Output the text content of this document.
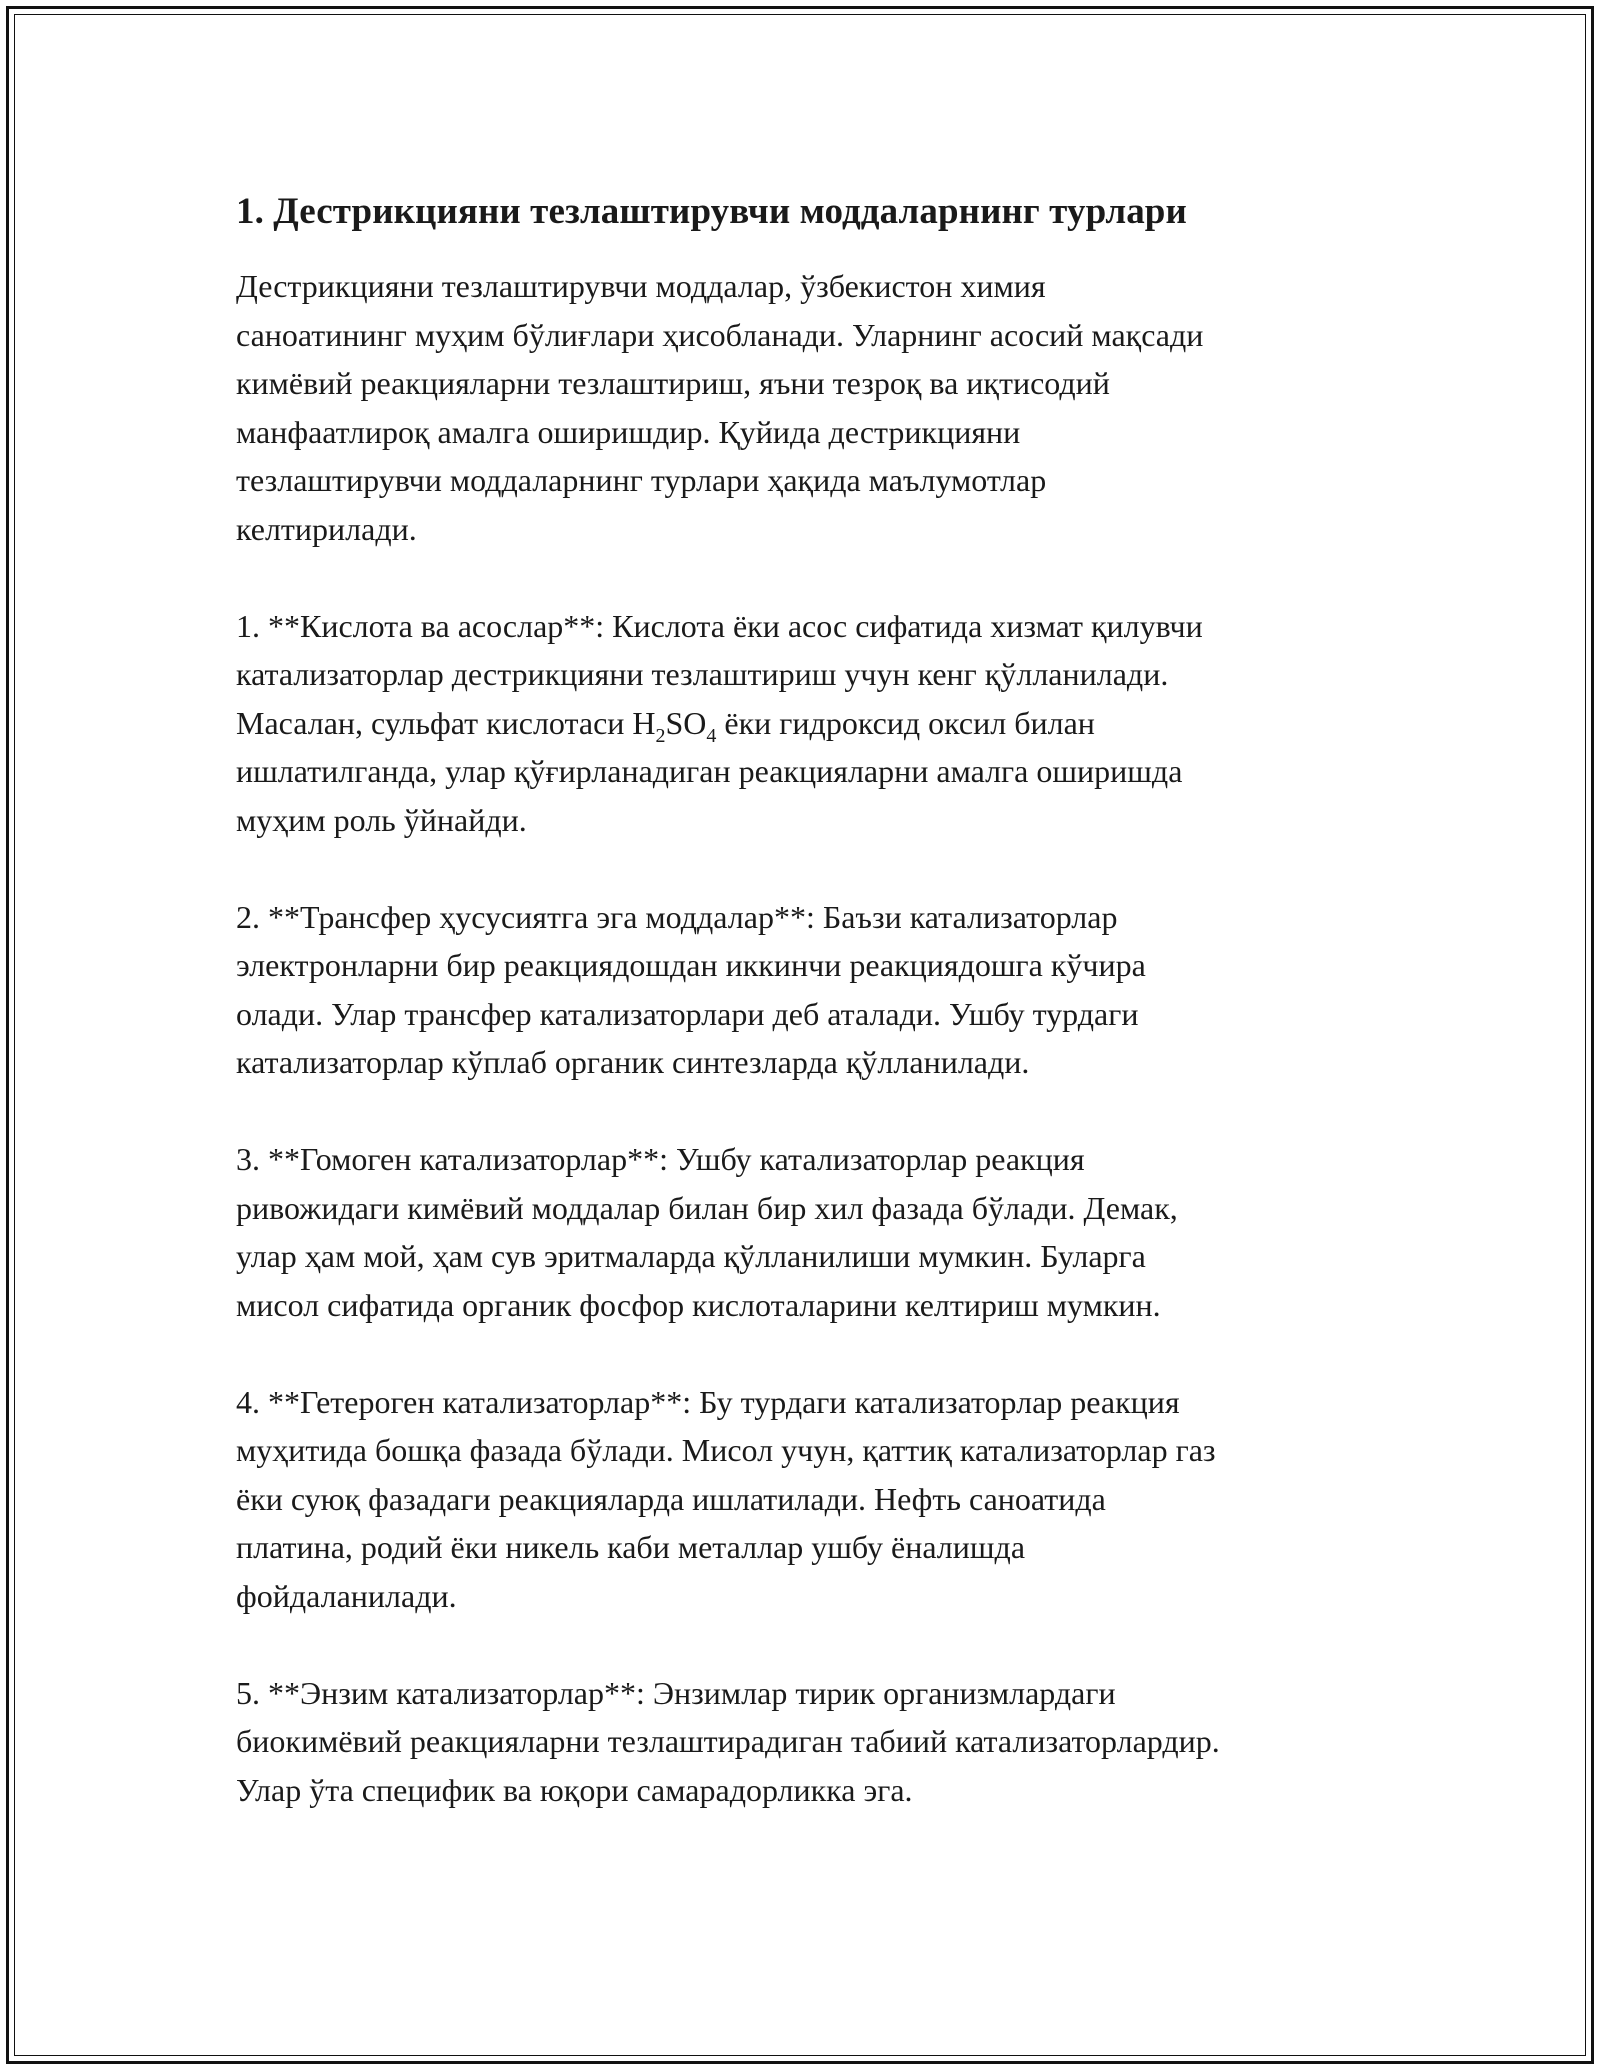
1. Дестрикцияни тезлаштирувчи моддаларнинг турлари

Дестрикцияни тезлаштирувчи моддалар, ўзбекистон химия
саноатининг муҳим бўлиғлари ҳисобланади. Уларнинг асосий мақсади
кимёвий реакцияларни тезлаштириш, яъни тезроқ ва иқтисодий
манфаатлироқ амалга оширишдир. Қуйида дестрикцияни
тезлаштирувчи моддаларнинг турлари ҳақида маълумотлар
келтирилади.

1. **Кислота ва асослар**: Кислота ёки асос сифатида хизмат қилувчи
катализаторлар дестрикцияни тезлаштириш учун кенг қўлланилади.
Масалан, сульфат кислотаси $H_2SO_4$ ёки гидроксид оксил билан
ишлатилганда, улар қўғирланадиган реакцияларни амалга оширишда
муҳим роль ўйнайди.

2. **Трансфер ҳусусиятга эга моддалар**: Баъзи катализаторлар
электронларни бир реакциядошдан иккинчи реакциядошга кўчира
олади. Улар трансфер катализаторлари деб аталади. Ушбу турдаги
катализаторлар кўплаб органик синтезларда қўлланилади.

3. **Гомоген катализаторлар**: Ушбу катализаторлар реакция
ривожидаги кимёвий моддалар билан бир хил фазада бўлади. Демак,
улар ҳам мой, ҳам сув эритмаларда қўлланилиши мумкин. Буларга
мисол сифатида органик фосфор кислоталарини келтириш мумкин.

4. **Гетероген катализаторлар**: Бу турдаги катализаторлар реакция
муҳитида бошқа фазада бўлади. Мисол учун, қаттиқ катализаторлар газ
ёки суюқ фазадаги реакцияларда ишлатилади. Нефть саноатида
платина, родий ёки никель каби металлар ушбу ёналишда
фойдаланилади.

5. **Энзим катализаторлар**: Энзимлар тирик организмлардаги
биокимёвий реакцияларни тезлаштирадиган табиий катализаторлардир.
Улар ўта специфик ва юқори самарадорликка эга.
